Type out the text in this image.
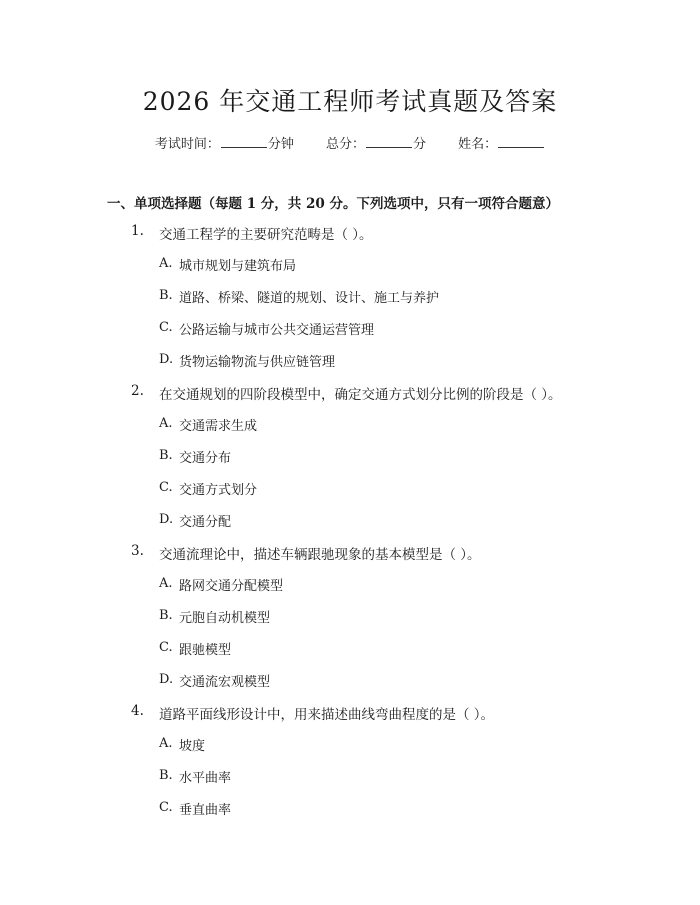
2026 年交通工程师考试真题及答案
考试时间：	分钟 总分：	分 姓名：
一、单项选择题（每题 1 分，共 20 分。下列选项中，只有一项符合题意）
1. 交通工程学的主要研究范畴是（ ）。
A. 城市规划与建筑布局
B. 道路、桥梁、隧道的规划、设计、施工与养护
C. 公路运输与城市公共交通运营管理
D. 货物运输物流与供应链管理
2. 在交通规划的四阶段模型中，确定交通方式划分比例的阶段是（ ）。
A. 交通需求生成
B. 交通分布
C. 交通方式划分
D. 交通分配
3. 交通流理论中，描述车辆跟驰现象的基本模型是（ ）。
A. 路网交通分配模型
B. 元胞自动机模型
C. 跟驰模型
D. 交通流宏观模型
4. 道路平面线形设计中，用来描述曲线弯曲程度的是（ ）。
A. 坡度
B. 水平曲率
C. 垂直曲率
